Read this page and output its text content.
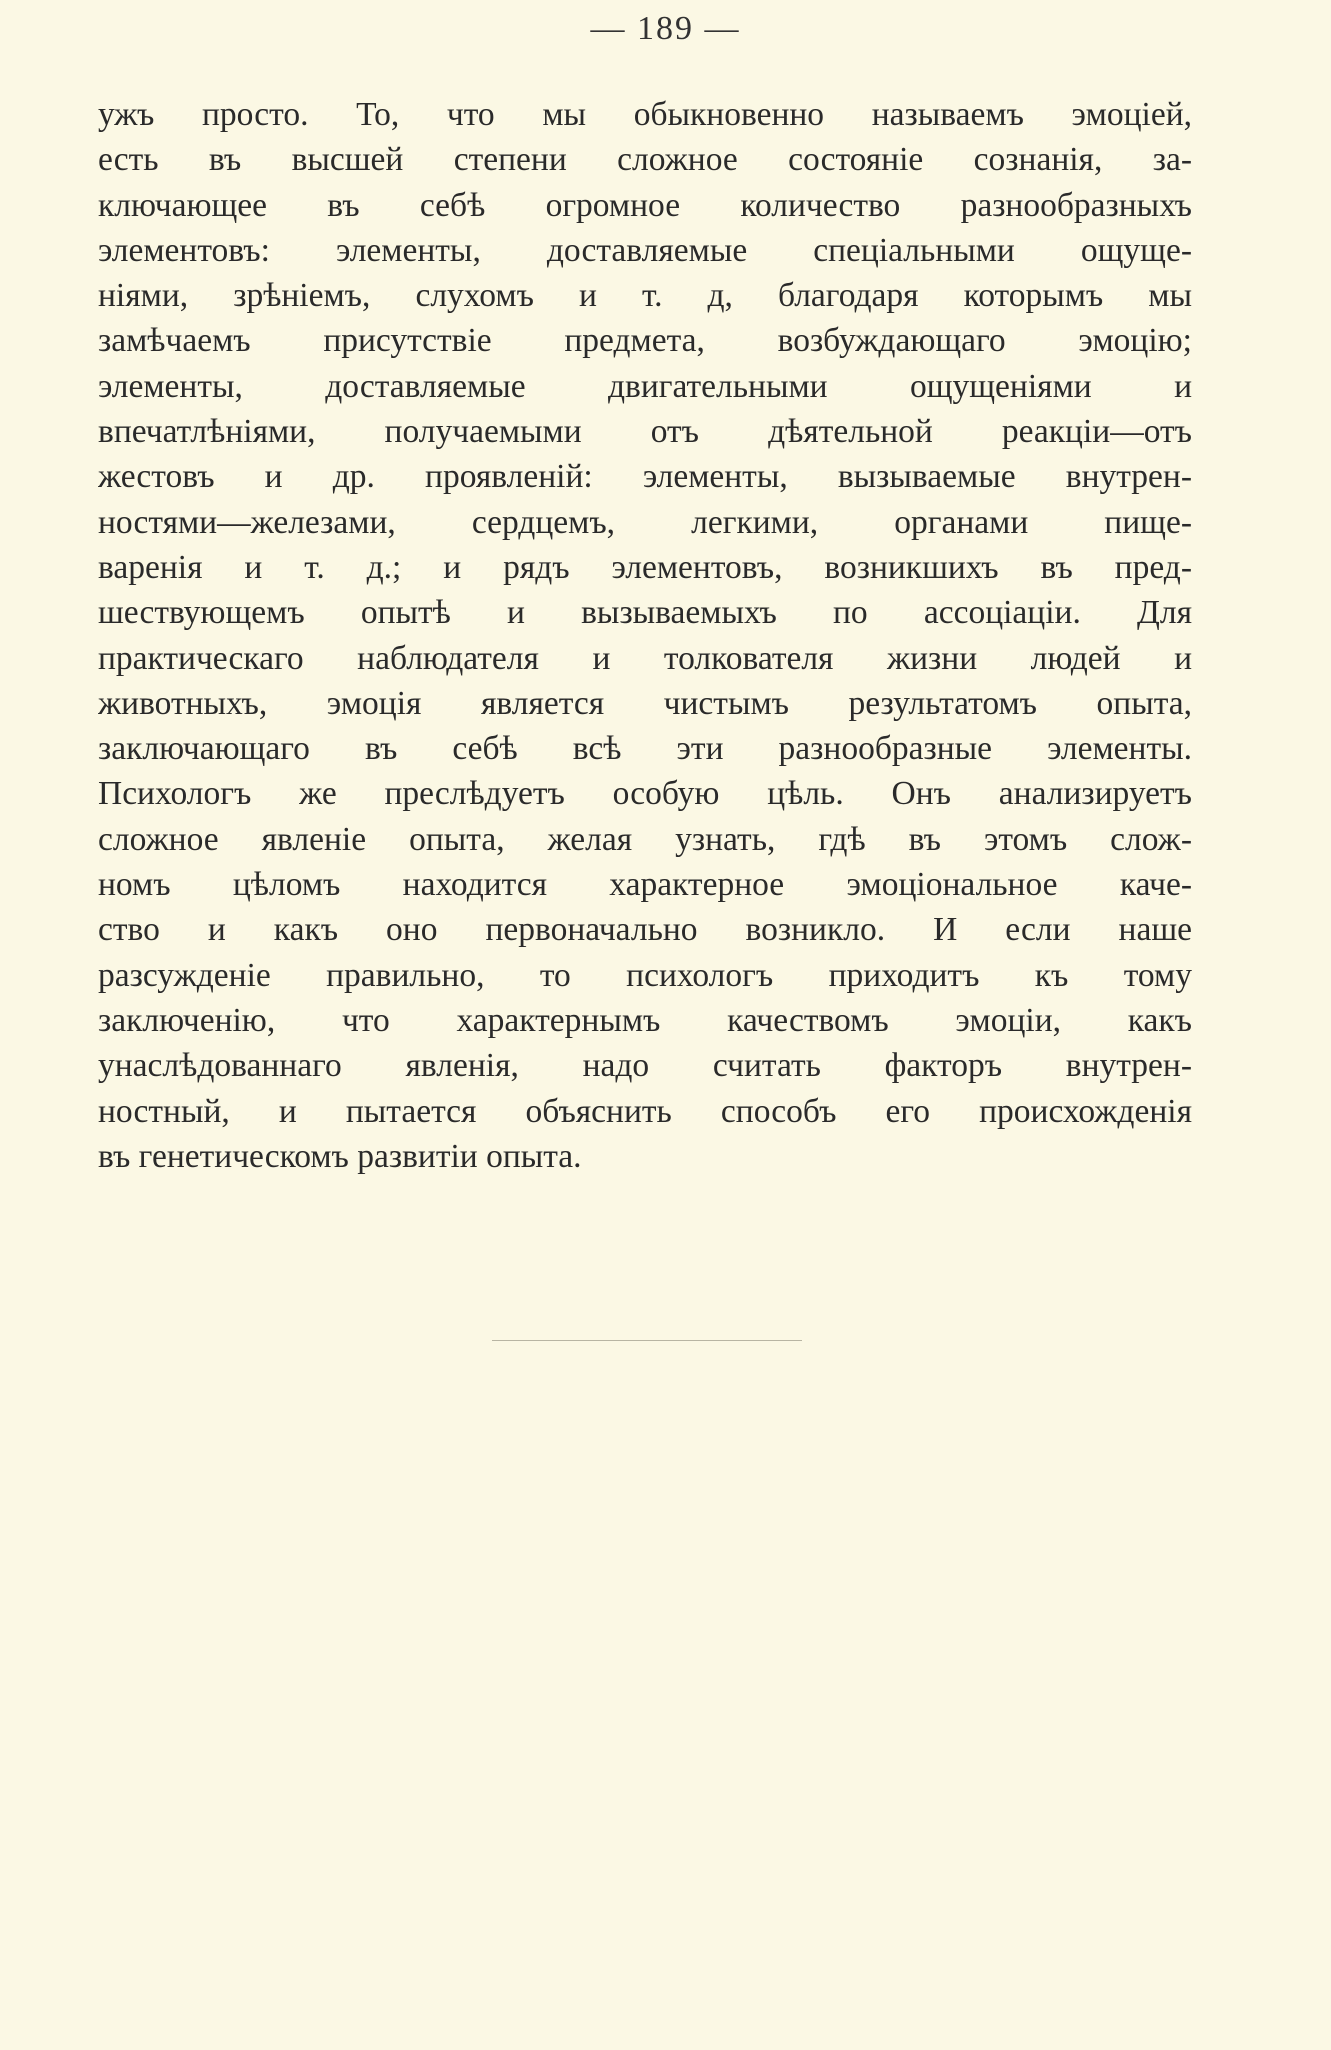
— 189 —
ужъ просто. То, что мы обыкновенно называемъ эмоціей,
есть въ высшей степени сложное состояніе сознанія, за-
ключающее въ себѣ огромное количество разнообразныхъ
элементовъ: элементы, доставляемые спеціальными ощуще-
ніями, зрѣніемъ, слухомъ и т. д, благодаря которымъ мы
замѣчаемъ присутствіе предмета, возбуждающаго эмоцію;
элементы, доставляемые двигательными ощущеніями и
впечатлѣніями, получаемыми отъ дѣятельной реакціи—отъ
жестовъ и др. проявленій: элементы, вызываемые внутрен-
ностями—железами, сердцемъ, легкими, органами пище-
варенія и т. д.; и рядъ элементовъ, возникшихъ въ пред-
шествующемъ опытѣ и вызываемыхъ по ассоціаціи. Для
практическаго наблюдателя и толкователя жизни людей и
животныхъ, эмоція является чистымъ результатомъ опыта,
заключающаго въ себѣ всѣ эти разнообразные элементы.
Психологъ же преслѣдуетъ особую цѣль. Онъ анализируетъ
сложное явленіе опыта, желая узнать, гдѣ въ этомъ слож-
номъ цѣломъ находится характерное эмоціональное каче-
ство и какъ оно первоначально возникло. И если наше
разсужденіе правильно, то психологъ приходитъ къ тому
заключенію, что характернымъ качествомъ эмоціи, какъ
унаслѣдованнаго явленія, надо считать факторъ внутрен-
ностный, и пытается объяснить способъ его происхожденія
въ генетическомъ развитіи опыта.
